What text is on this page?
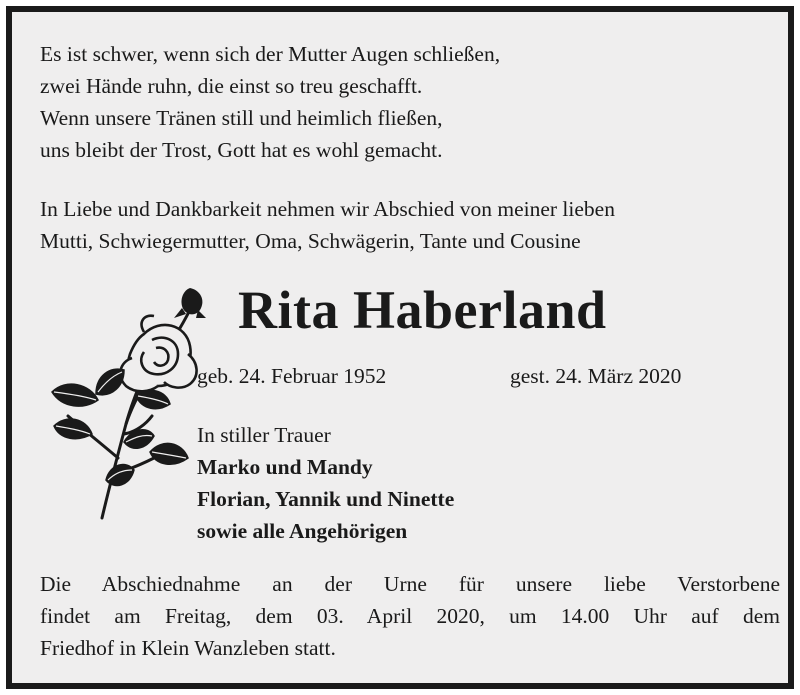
Es ist schwer, wenn sich der Mutter Augen schließen,
zwei Hände ruhn, die einst so treu geschafft.
Wenn unsere Tränen still und heimlich fließen,
uns bleibt der Trost, Gott hat es wohl gemacht.
In Liebe und Dankbarkeit nehmen wir Abschied von meiner lieben
Mutti, Schwiegermutter, Oma, Schwägerin, Tante und Cousine
Rita Haberland
geb. 24. Februar 1952	gest. 24. März 2020
In stiller Trauer
Marko und Mandy
Florian, Yannik und Ninette
sowie alle Angehörigen
Die Abschiednahme an der Urne für unsere liebe Verstorbene
findet am Freitag, dem 03. April 2020, um 14.00 Uhr auf dem
Friedhof in Klein Wanzleben statt.
